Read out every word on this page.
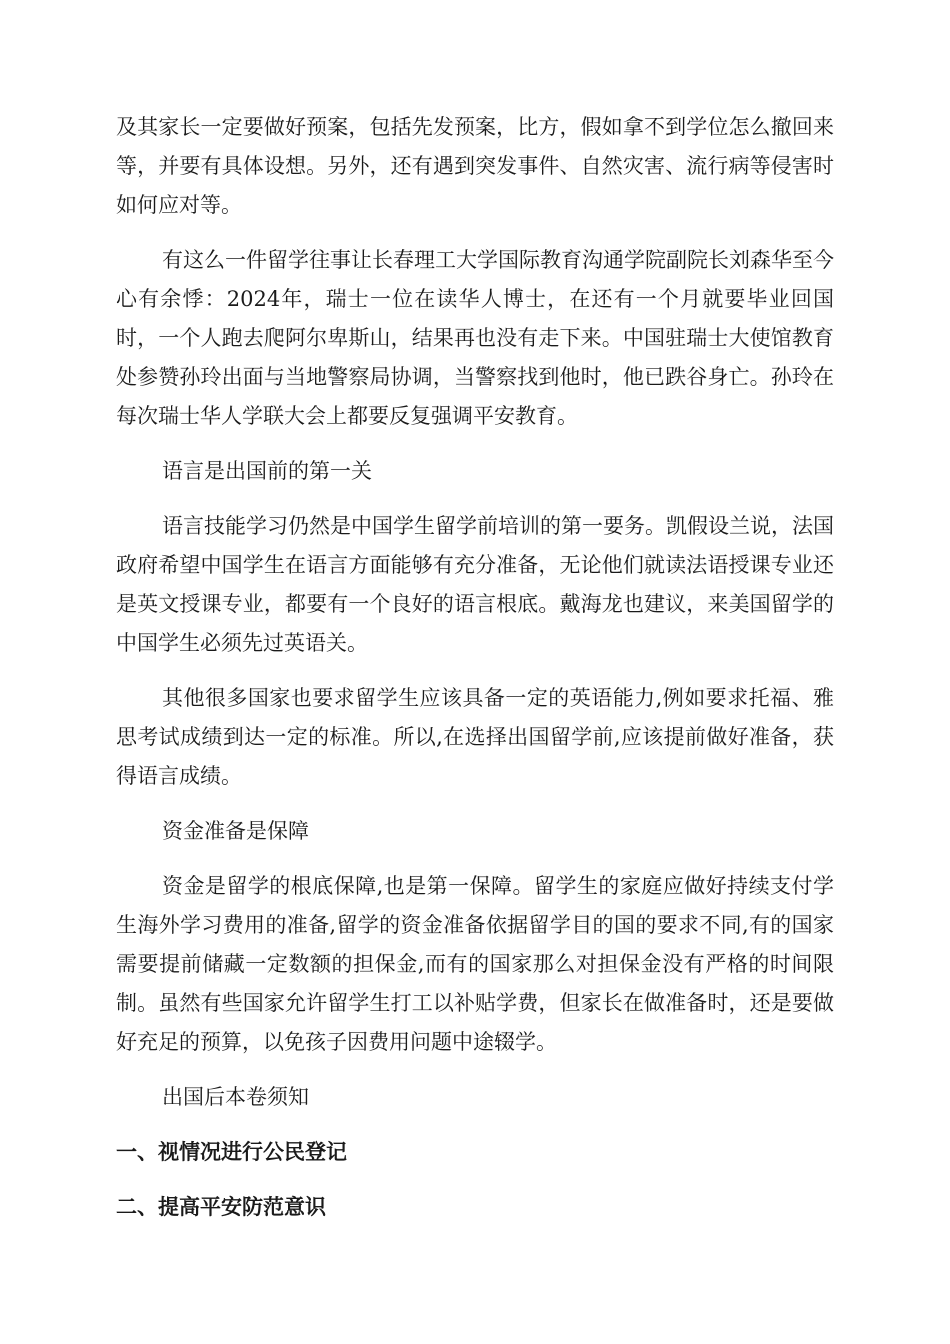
及其家长一定要做好预案，包括先发预案，比方，假如拿不到学位怎么撤回来等，并要有具体设想。另外，还有遇到突发事件、自然灾害、流行病等侵害时如何应对等。

有这么一件留学往事让长春理工大学国际教育沟通学院副院长刘森华至今心有余悸：2024年，瑞士一位在读华人博士，在还有一个月就要毕业回国时，一个人跑去爬阿尔卑斯山，结果再也没有走下来。中国驻瑞士大使馆教育处参赞孙玲出面与当地警察局协调，当警察找到他时，他已跌谷身亡。孙玲在每次瑞士华人学联大会上都要反复强调平安教育。

语言是出国前的第一关

语言技能学习仍然是中国学生留学前培训的第一要务。凯假设兰说，法国政府希望中国学生在语言方面能够有充分准备，无论他们就读法语授课专业还是英文授课专业，都要有一个良好的语言根底。戴海龙也建议，来美国留学的中国学生必须先过英语关。

其他很多国家也要求留学生应该具备一定的英语能力,例如要求托福、雅思考试成绩到达一定的标准。所以,在选择出国留学前,应该提前做好准备，获得语言成绩。

资金准备是保障

资金是留学的根底保障,也是第一保障。留学生的家庭应做好持续支付学生海外学习费用的准备,留学的资金准备依据留学目的国的要求不同,有的国家需要提前储藏一定数额的担保金,而有的国家那么对担保金没有严格的时间限制。虽然有些国家允许留学生打工以补贴学费，但家长在做准备时，还是要做好充足的预算，以免孩子因费用问题中途辍学。

出国后本卷须知

一、视情况进行公民登记

二、提高平安防范意识
